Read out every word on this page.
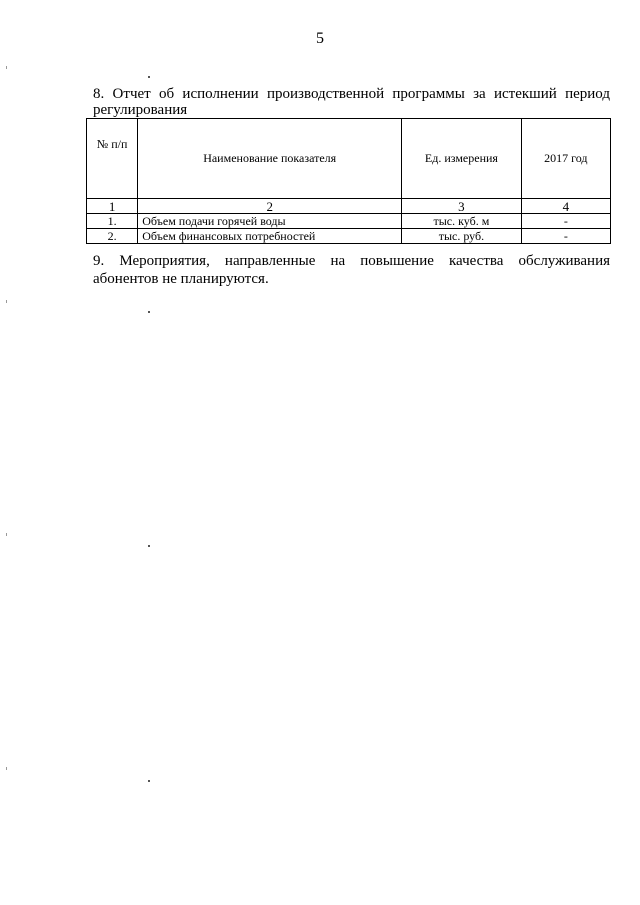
5
8. Отчет об исполнении производственной программы за истекший период регулирования
№ п/п	Наименование показателя	Ед. измерения	2017 год
1	2	3	4
1.	Объем подачи горячей воды	тыс. куб. м	-
2.	Объем финансовых потребностей	тыс. руб.	-
9. Мероприятия, направленные на повышение качества обслуживания абонентов не планируются.
